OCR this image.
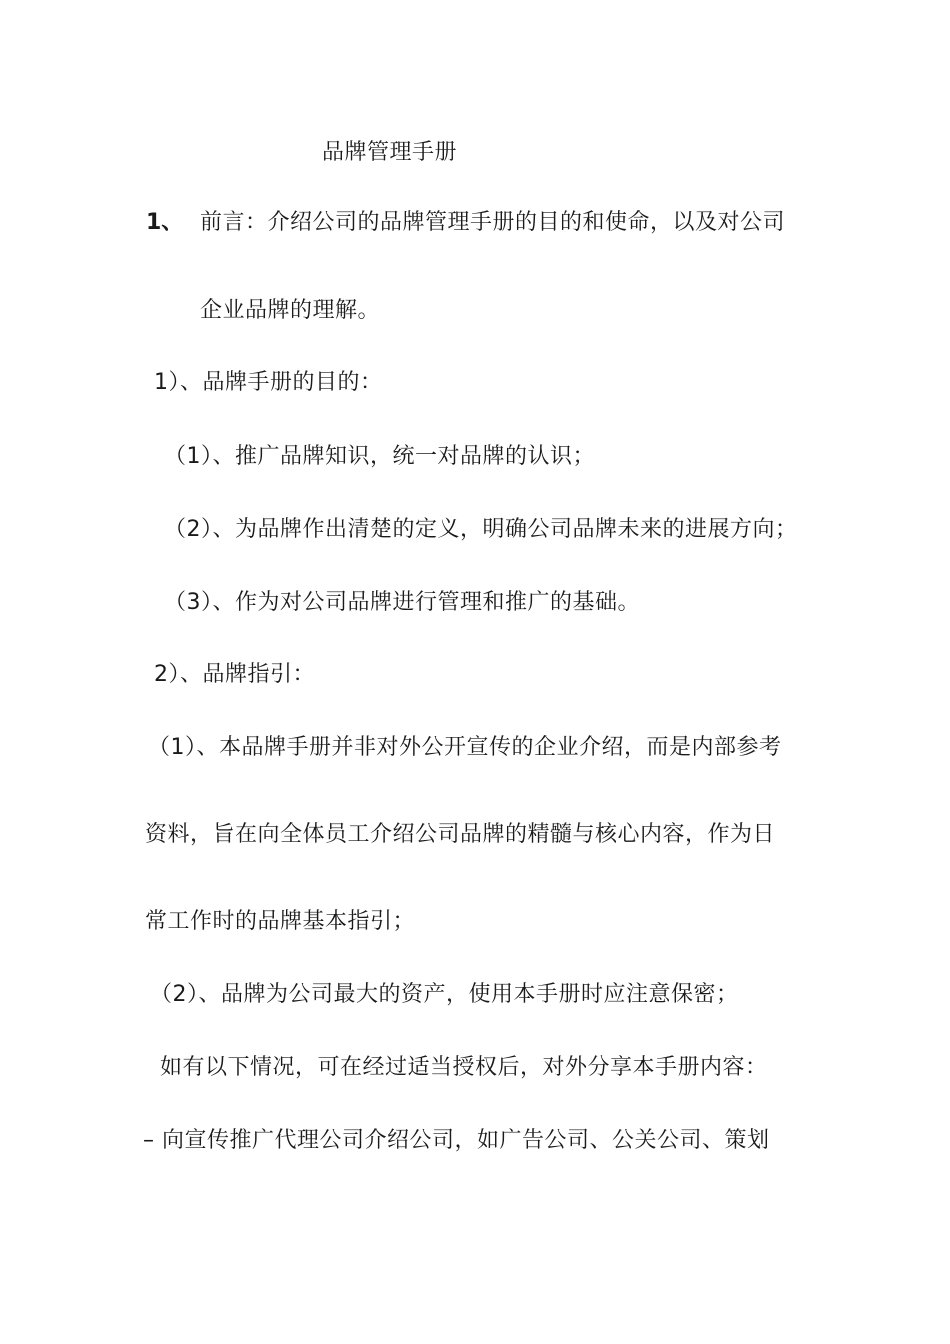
品牌管理手册
1、 前言：介绍公司的品牌管理手册的目的和使命，以及对公司
企业品牌的理解。
1）、品牌手册的目的：
（1）、推广品牌知识，统一对品牌的认识；
（2）、为品牌作出清楚的定义，明确公司品牌未来的进展方向；
（3）、作为对公司品牌进行管理和推广的基础。
2）、品牌指引：
（1）、本品牌手册并非对外公开宣传的企业介绍，而是内部参考
资料，旨在向全体员工介绍公司品牌的精髓与核心内容，作为日
常工作时的品牌基本指引；
（2）、品牌为公司最大的资产，使用本手册时应注意保密；
如有以下情况，可在经过适当授权后，对外分享本手册内容：
– 向宣传推广代理公司介绍公司，如广告公司、公关公司、策划
